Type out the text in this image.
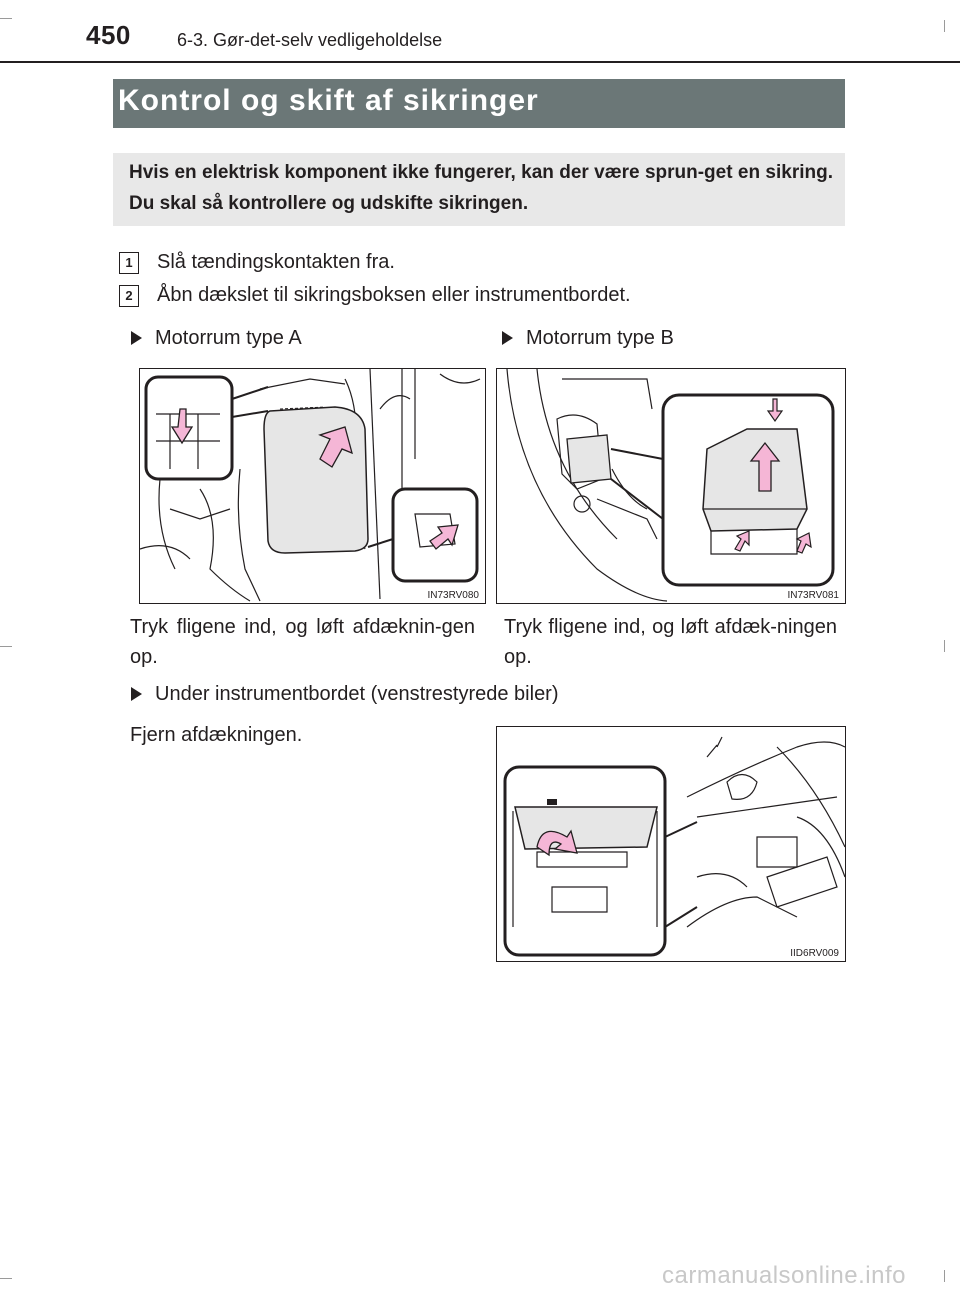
450	6-3. Gør-det-selv vedligeholdelse
Kontrol og skift af sikringer
Hvis en elektrisk komponent ikke fungerer, kan der være sprun-get en sikring. Du skal så kontrollere og udskifte sikringen.
1	Slå tændingskontakten fra.
2	Åbn dækslet til sikringsboksen eller instrumentbordet.
Motorrum type A	Motorrum type B
IN73RV080	IN73RV081
Tryk fligene ind, og løft afdæknin-gen op.
Tryk fligene ind, og løft afdæk-ningen op.
Under instrumentbordet (venstrestyrede biler)
Fjern afdækningen.
IID6RV009
carmanualsonline.info
